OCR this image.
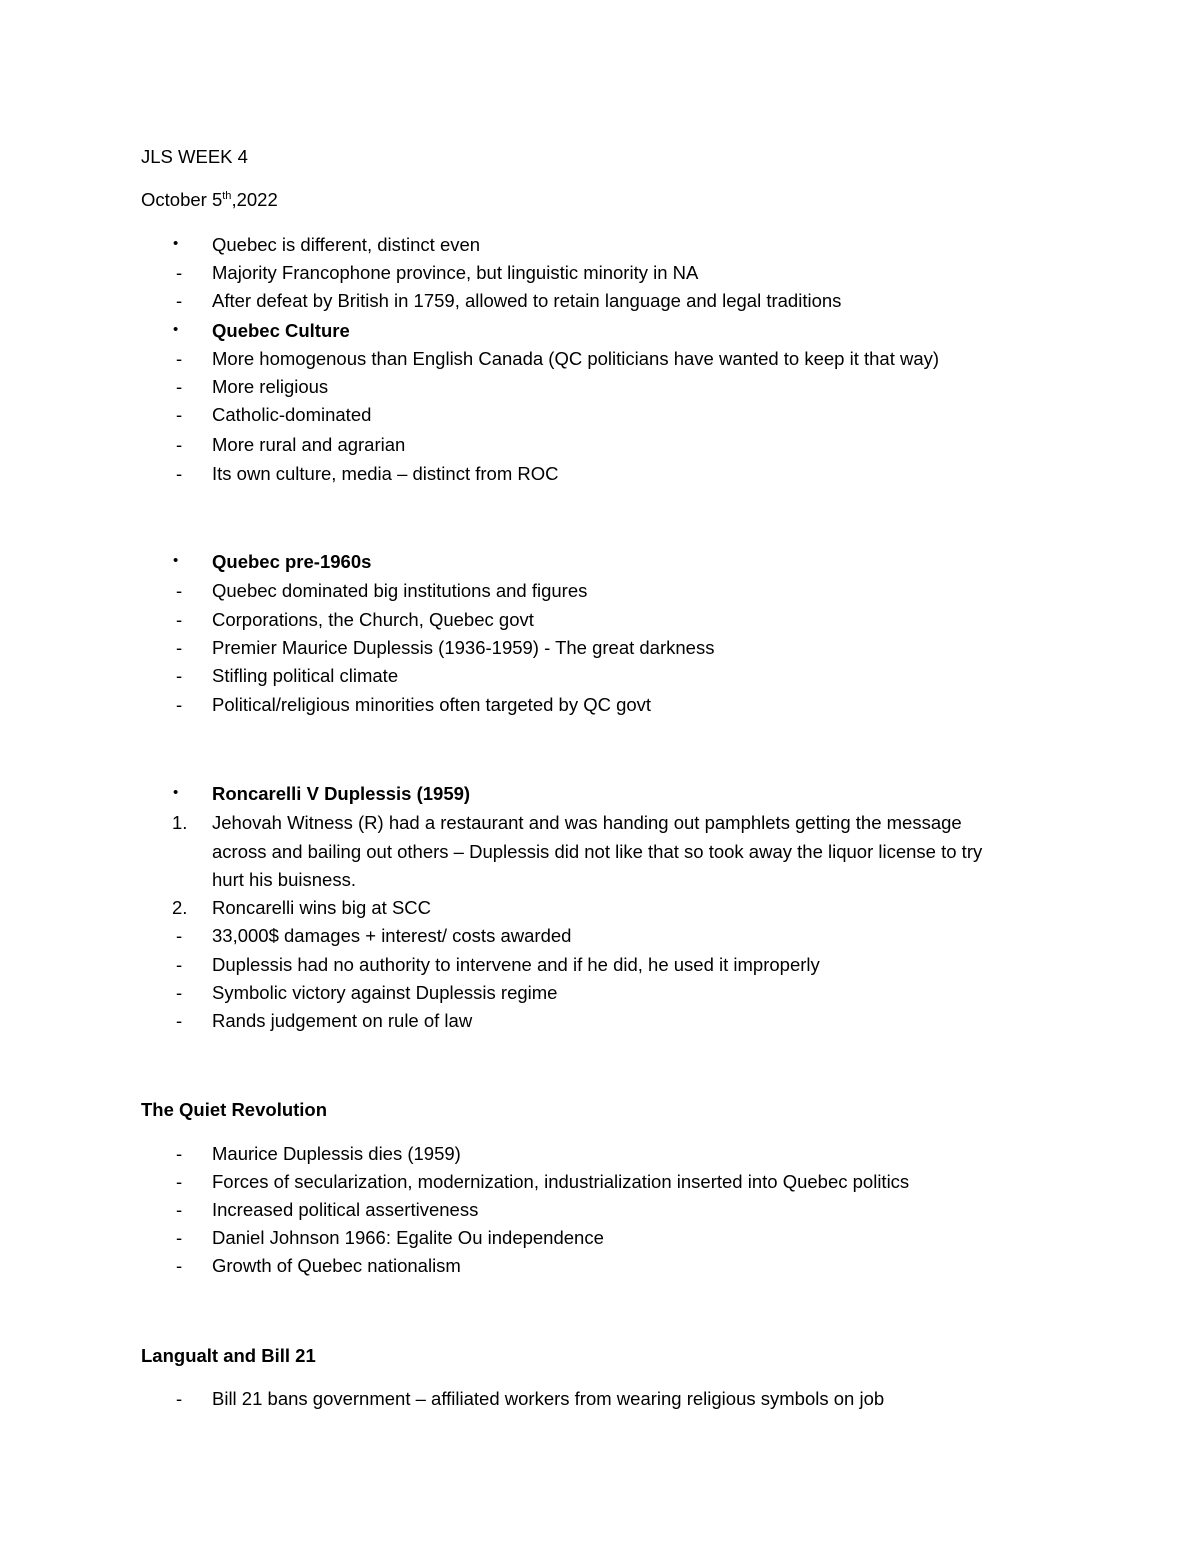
JLS WEEK 4
October 5th,2022
• Quebec is different, distinct even
- Majority Francophone province, but linguistic minority in NA
- After defeat by British in 1759, allowed to retain language and legal traditions
• Quebec Culture
- More homogenous than English Canada (QC politicians have wanted to keep it that way)
- More religious
- Catholic-dominated
- More rural and agrarian
- Its own culture, media – distinct from ROC
• Quebec pre-1960s
- Quebec dominated big institutions and figures
- Corporations, the Church, Quebec govt
- Premier Maurice Duplessis (1936-1959) - The great darkness
- Stifling political climate
- Political/religious minorities often targeted by QC govt
• Roncarelli V Duplessis (1959)
1. Jehovah Witness (R) had a restaurant and was handing out pamphlets getting the message
across and bailing out others – Duplessis did not like that so took away the liquor license to try
hurt his buisness.
2. Roncarelli wins big at SCC
- 33,000$ damages + interest/ costs awarded
- Duplessis had no authority to intervene and if he did, he used it improperly
- Symbolic victory against Duplessis regime
- Rands judgement on rule of law
The Quiet Revolution
- Maurice Duplessis dies (1959)
- Forces of secularization, modernization, industrialization inserted into Quebec politics
- Increased political assertiveness
- Daniel Johnson 1966: Egalite Ou independence
- Growth of Quebec nationalism
Langualt and Bill 21
- Bill 21 bans government – affiliated workers from wearing religious symbols on job
